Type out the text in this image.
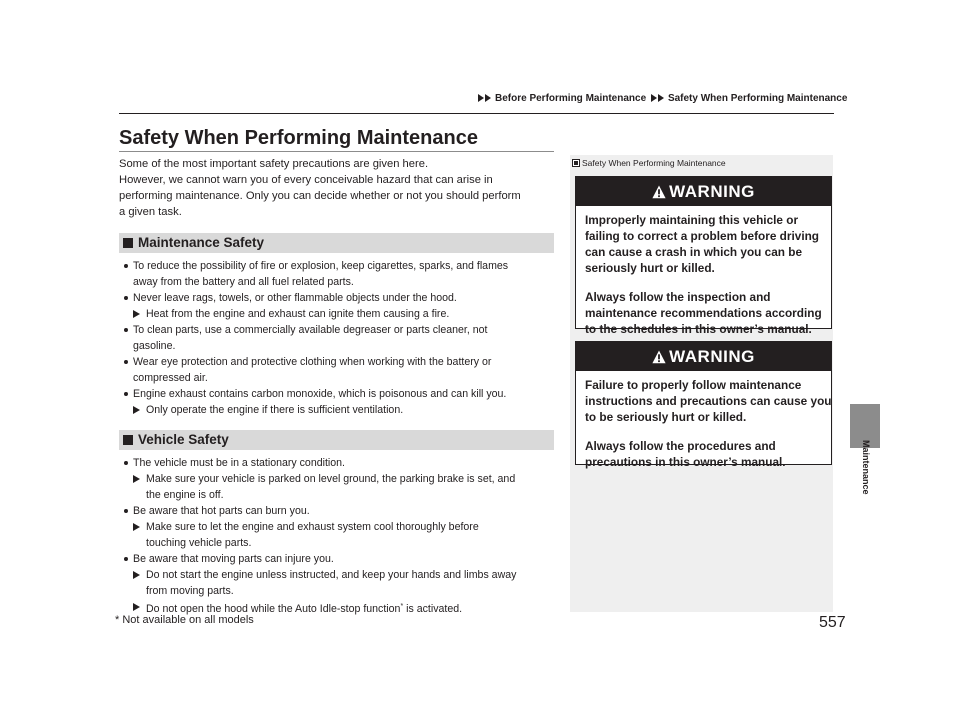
Before Performing Maintenance Safety When Performing Maintenance
Maintenance
Safety When Performing Maintenance
Some of the most important safety precautions are given here.
However, we cannot warn you of every conceivable hazard that can arise in
performing maintenance. Only you can decide whether or not you should perform
a given task.
Maintenance Safety
To reduce the possibility of fire or explosion, keep cigarettes, sparks, and flames
away from the battery and all fuel related parts.
Never leave rags, towels, or other flammable objects under the hood.
Heat from the engine and exhaust can ignite them causing a fire.
To clean parts, use a commercially available degreaser or parts cleaner, not
gasoline.
Wear eye protection and protective clothing when working with the battery or
compressed air.
Engine exhaust contains carbon monoxide, which is poisonous and can kill you.
Only operate the engine if there is sufficient ventilation.
Vehicle Safety
The vehicle must be in a stationary condition.
Make sure your vehicle is parked on level ground, the parking brake is set, and
the engine is off.
Be aware that hot parts can burn you.
Make sure to let the engine and exhaust system cool thoroughly before
touching vehicle parts.
Be aware that moving parts can injure you.
Do not start the engine unless instructed, and keep your hands and limbs away
from moving parts.
Do not open the hood while the Auto Idle-stop function* is activated.
* Not available on all models
Safety When Performing Maintenance
WARNING
Improperly maintaining this vehicle or
failing to correct a problem before driving
can cause a crash in which you can be
seriously hurt or killed.
Always follow the inspection and
maintenance recommendations according
to the schedules in this owner’s manual.
WARNING
Failure to properly follow maintenance
instructions and precautions can cause you
to be seriously hurt or killed.
Always follow the procedures and
precautions in this owner’s manual.
557
